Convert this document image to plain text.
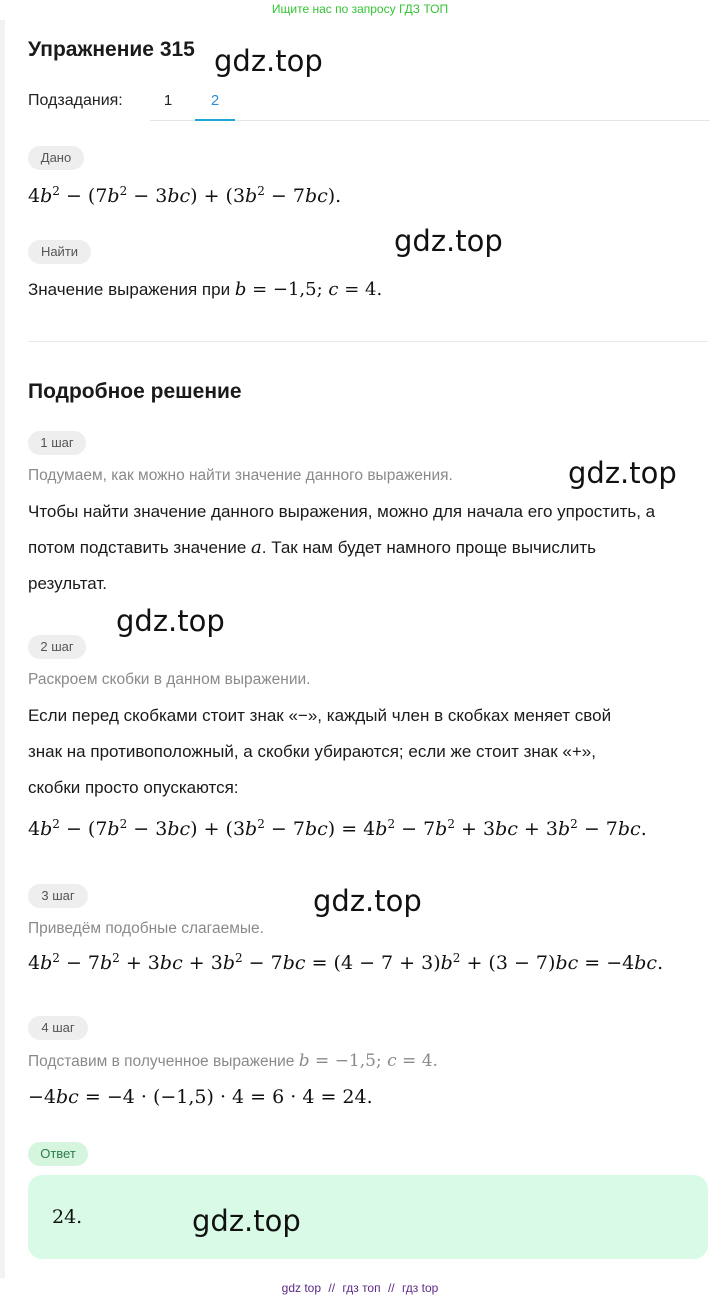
Ищите нас по запросу ГДЗ ТОП
Упражнение 315 gdz.top
Подзадания:	1	2
Дано
$4b^2 - (7b^2 - 3bc) + (3b^2 - 7bc)$.
Найти	gdz.top
Значение выражения при b = −1,5; c = 4.
Подробное решение
1 шаг
Подумаем, как можно найти значение данного выражения.	gdz.top
Чтобы найти значение данного выражения, можно для начала его упростить, а
потом подставить значение a. Так нам будет намного проще вычислить
результат.
gdz.top
2 шаг
Раскроем скобки в данном выражении.
Если перед скобками стоит знак «−», каждый член в скобках меняет свой
знак на противоположный, а скобки убираются; если же стоит знак «+»,
скобки просто опускаются:
$4b^2 - (7b^2 - 3bc) + (3b^2 - 7bc) = 4b^2 - 7b^2 + 3bc + 3b^2 - 7bc$.
3 шаг	gdz.top
Приведём подобные слагаемые.
$4b^2 - 7b^2 + 3bc + 3b^2 - 7bc = (4 - 7 + 3)b^2 + (3 - 7)bc = -4bc$.
4 шаг
Подставим в полученное выражение b = −1,5; c = 4.
−4bc = −4 · (−1,5) · 4 = 6 · 4 = 24.
Ответ
24.	gdz.top
gdz top // гдз топ // гдз top
